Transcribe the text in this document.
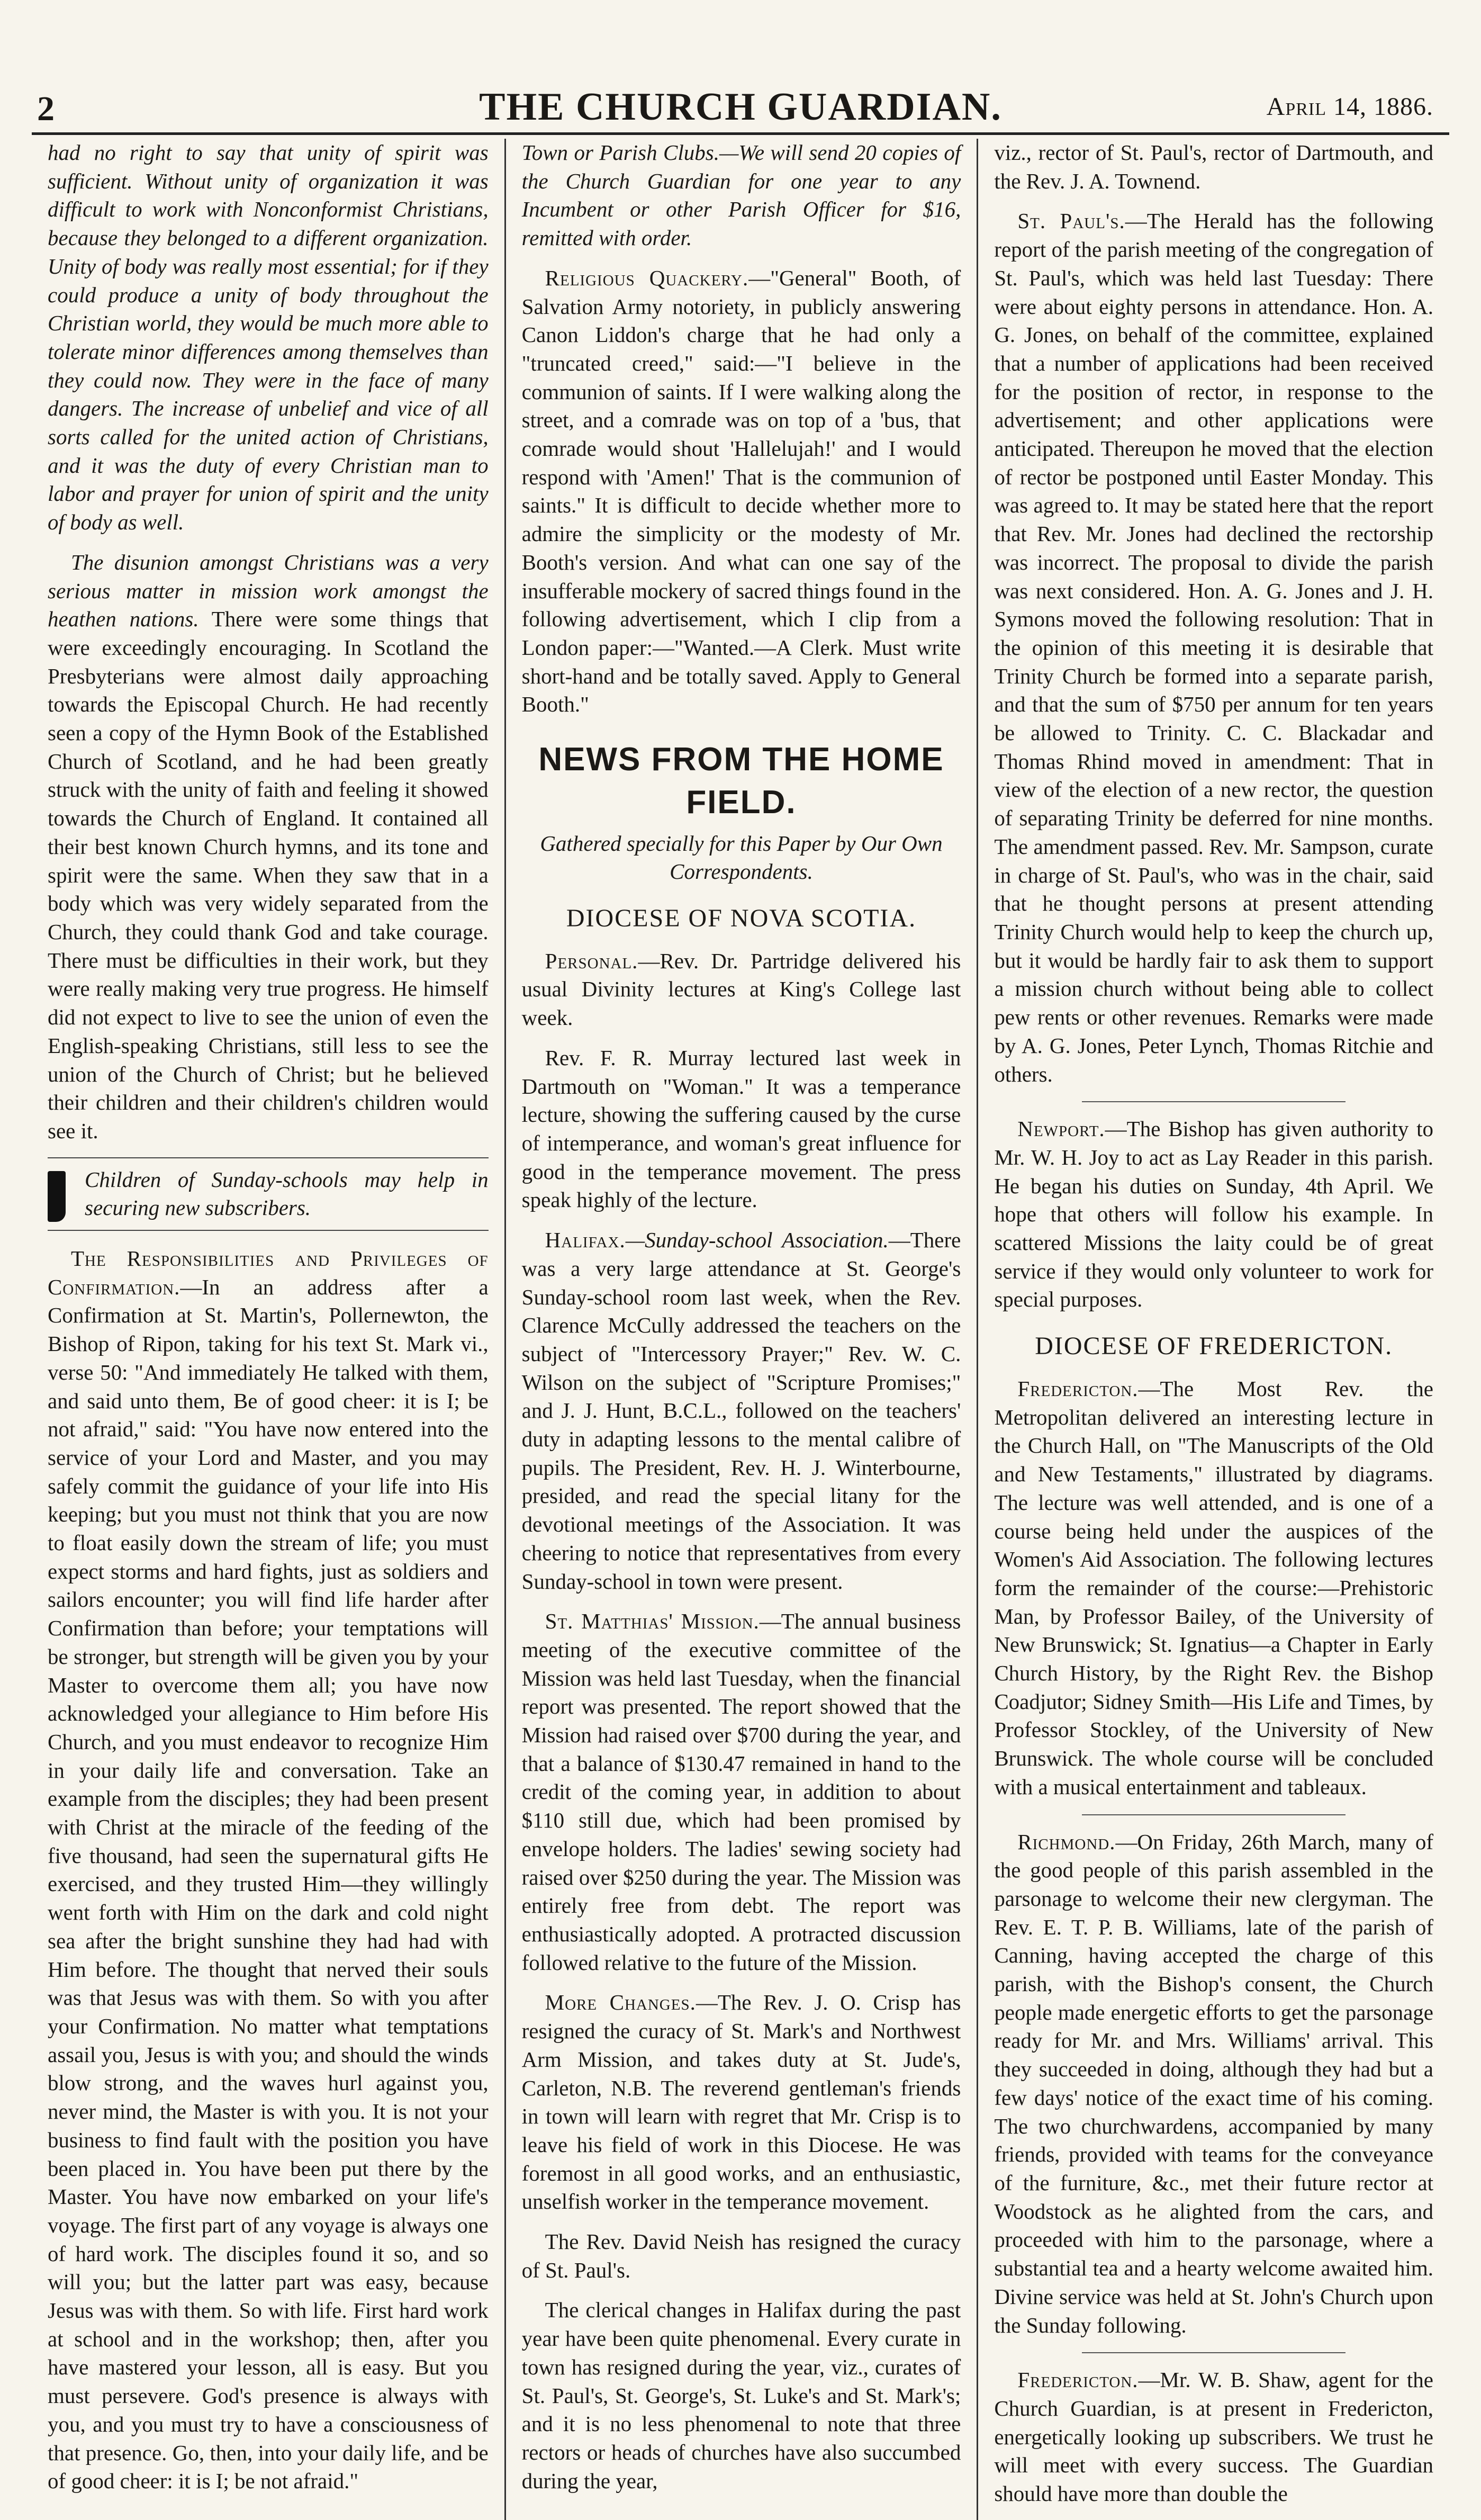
2	THE CHURCH GUARDIAN.	April 14, 1886.

had no right to say that unity of spirit was sufficient. Without unity of organization it was difficult to work with Nonconformist Christians, because they belonged to a different organization. Unity of body was really most essential; for if they could produce a unity of body throughout the Christian world, they would be much more able to tolerate minor differences among themselves than they could now. They were in the face of many dangers. The increase of unbelief and vice of all sorts called for the united action of Christians, and it was the duty of every Christian man to labor and prayer for union of spirit and the unity of body as well.

The disunion amongst Christians was a very serious matter in mission work amongst the heathen nations. There were some things that were exceedingly encouraging. In Scotland the Presbyterians were almost daily approaching towards the Episcopal Church. He had recently seen a copy of the Hymn Book of the Established Church of Scotland, and he had been greatly struck with the unity of faith and feeling it showed towards the Church of England. It contained all their best known Church hymns, and its tone and spirit were the same. When they saw that in a body which was very widely separated from the Church, they could thank God and take courage. There must be difficulties in their work, but they were really making very true progress. He himself did not expect to live to see the union of even the English-speaking Christians, still less to see the union of the Church of Christ; but he believed their children and their children's children would see it.

Children of Sunday-schools may help in securing new subscribers.

The Responsibilities and Privileges of Confirmation.—In an address after a Confirmation at St. Martin's, Pollernewton, the Bishop of Ripon, taking for his text St. Mark vi., verse 50: "And immediately He talked with them, and said unto them, Be of good cheer: it is I; be not afraid," said: "You have now entered into the service of your Lord and Master, and you may safely commit the guidance of your life into His keeping; but you must not think that you are now to float easily down the stream of life; you must expect storms and hard fights, just as soldiers and sailors encounter; you will find life harder after Confirmation than before; your temptations will be stronger, but strength will be given you by your Master to overcome them all; you have now acknowledged your allegiance to Him before His Church, and you must endeavor to recognize Him in your daily life and conversation. Take an example from the disciples; they had been present with Christ at the miracle of the feeding of the five thousand, had seen the supernatural gifts He exercised, and they trusted Him—they willingly went forth with Him on the dark and cold night sea after the bright sunshine they had had with Him before. The thought that nerved their souls was that Jesus was with them. So with you after your Confirmation. No matter what temptations assail you, Jesus is with you; and should the winds blow strong, and the waves hurl against you, never mind, the Master is with you. It is not your business to find fault with the position you have been placed in. You have been put there by the Master. You have now embarked on your life's voyage. The first part of any voyage is always one of hard work. The disciples found it so, and so will you; but the latter part was easy, because Jesus was with them. So with life. First hard work at school and in the workshop; then, after you have mastered your lesson, all is easy. But you must persevere. God's presence is always with you, and you must try to have a consciousness of that presence. Go, then, into your daily life, and be of good cheer: it is I; be not afraid."

Town or Parish Clubs.—We will send 20 copies of the Church Guardian for one year to any Incumbent or other Parish Officer for $16, remitted with order.

Religious Quackery.—"General" Booth, of Salvation Army notoriety, in publicly answering Canon Liddon's charge that he had only a "truncated creed," said:—"I believe in the communion of saints. If I were walking along the street, and a comrade was on top of a 'bus, that comrade would shout 'Hallelujah!' and I would respond with 'Amen!' That is the communion of saints." It is difficult to decide whether more to admire the simplicity or the modesty of Mr. Booth's version. And what can one say of the insufferable mockery of sacred things found in the following advertisement, which I clip from a London paper:—"Wanted.—A Clerk. Must write short-hand and be totally saved. Apply to General Booth."

NEWS FROM THE HOME FIELD.
Gathered specially for this Paper by Our Own Correspondents.
DIOCESE OF NOVA SCOTIA.

Personal.—Rev. Dr. Partridge delivered his usual Divinity lectures at King's College last week.

Rev. F. R. Murray lectured last week in Dartmouth on "Woman." It was a temperance lecture, showing the suffering caused by the curse of intemperance, and woman's great influence for good in the temperance movement. The press speak highly of the lecture.

Halifax.—Sunday-school Association.—There was a very large attendance at St. George's Sunday-school room last week, when the Rev. Clarence McCully addressed the teachers on the subject of "Intercessory Prayer;" Rev. W. C. Wilson on the subject of "Scripture Promises;" and J. J. Hunt, B.C.L., followed on the teachers' duty in adapting lessons to the mental calibre of pupils. The President, Rev. H. J. Winterbourne, presided, and read the special litany for the devotional meetings of the Association. It was cheering to notice that representatives from every Sunday-school in town were present.

St. Matthias' Mission.—The annual business meeting of the executive committee of the Mission was held last Tuesday, when the financial report was presented. The report showed that the Mission had raised over $700 during the year, and that a balance of $130.47 remained in hand to the credit of the coming year, in addition to about $110 still due, which had been promised by envelope holders. The ladies' sewing society had raised over $250 during the year. The Mission was entirely free from debt. The report was enthusiastically adopted. A protracted discussion followed relative to the future of the Mission.

More Changes.—The Rev. J. O. Crisp has resigned the curacy of St. Mark's and Northwest Arm Mission, and takes duty at St. Jude's, Carleton, N.B. The reverend gentleman's friends in town will learn with regret that Mr. Crisp is to leave his field of work in this Diocese. He was foremost in all good works, and an enthusiastic, unselfish worker in the temperance movement.

The Rev. David Neish has resigned the curacy of St. Paul's.

The clerical changes in Halifax during the past year have been quite phenomenal. Every curate in town has resigned during the year, viz., curates of St. Paul's, St. George's, St. Luke's and St. Mark's; and it is no less phenomenal to note that three rectors or heads of churches have also succumbed during the year,

viz., rector of St. Paul's, rector of Dartmouth, and the Rev. J. A. Townend.

St. Paul's.—The Herald has the following report of the parish meeting of the congregation of St. Paul's, which was held last Tuesday: There were about eighty persons in attendance. Hon. A. G. Jones, on behalf of the committee, explained that a number of applications had been received for the position of rector, in response to the advertisement; and other applications were anticipated. Thereupon he moved that the election of rector be postponed until Easter Monday. This was agreed to. It may be stated here that the report that Rev. Mr. Jones had declined the rectorship was incorrect. The proposal to divide the parish was next considered. Hon. A. G. Jones and J. H. Symons moved the following resolution: That in the opinion of this meeting it is desirable that Trinity Church be formed into a separate parish, and that the sum of $750 per annum for ten years be allowed to Trinity. C. C. Blackadar and Thomas Rhind moved in amendment: That in view of the election of a new rector, the question of separating Trinity be deferred for nine months. The amendment passed. Rev. Mr. Sampson, curate in charge of St. Paul's, who was in the chair, said that he thought persons at present attending Trinity Church would help to keep the church up, but it would be hardly fair to ask them to support a mission church without being able to collect pew rents or other revenues. Remarks were made by A. G. Jones, Peter Lynch, Thomas Ritchie and others.

Newport.—The Bishop has given authority to Mr. W. H. Joy to act as Lay Reader in this parish. He began his duties on Sunday, 4th April. We hope that others will follow his example. In scattered Missions the laity could be of great service if they would only volunteer to work for special purposes.

DIOCESE OF FREDERICTON.

Fredericton.—The Most Rev. the Metropolitan delivered an interesting lecture in the Church Hall, on "The Manuscripts of the Old and New Testaments," illustrated by diagrams. The lecture was well attended, and is one of a course being held under the auspices of the Women's Aid Association. The following lectures form the remainder of the course:—Prehistoric Man, by Professor Bailey, of the University of New Brunswick; St. Ignatius—a Chapter in Early Church History, by the Right Rev. the Bishop Coadjutor; Sidney Smith—His Life and Times, by Professor Stockley, of the University of New Brunswick. The whole course will be concluded with a musical entertainment and tableaux.

Richmond.—On Friday, 26th March, many of the good people of this parish assembled in the parsonage to welcome their new clergyman. The Rev. E. T. P. B. Williams, late of the parish of Canning, having accepted the charge of this parish, with the Bishop's consent, the Church people made energetic efforts to get the parsonage ready for Mr. and Mrs. Williams' arrival. This they succeeded in doing, although they had but a few days' notice of the exact time of his coming. The two churchwardens, accompanied by many friends, provided with teams for the conveyance of the furniture, &c., met their future rector at Woodstock as he alighted from the cars, and proceeded with him to the parsonage, where a substantial tea and a hearty welcome awaited him. Divine service was held at St. John's Church upon the Sunday following.

Fredericton.—Mr. W. B. Shaw, agent for the Church Guardian, is at present in Fredericton, energetically looking up subscribers. We trust he will meet with every success. The Guardian should have more than double the
